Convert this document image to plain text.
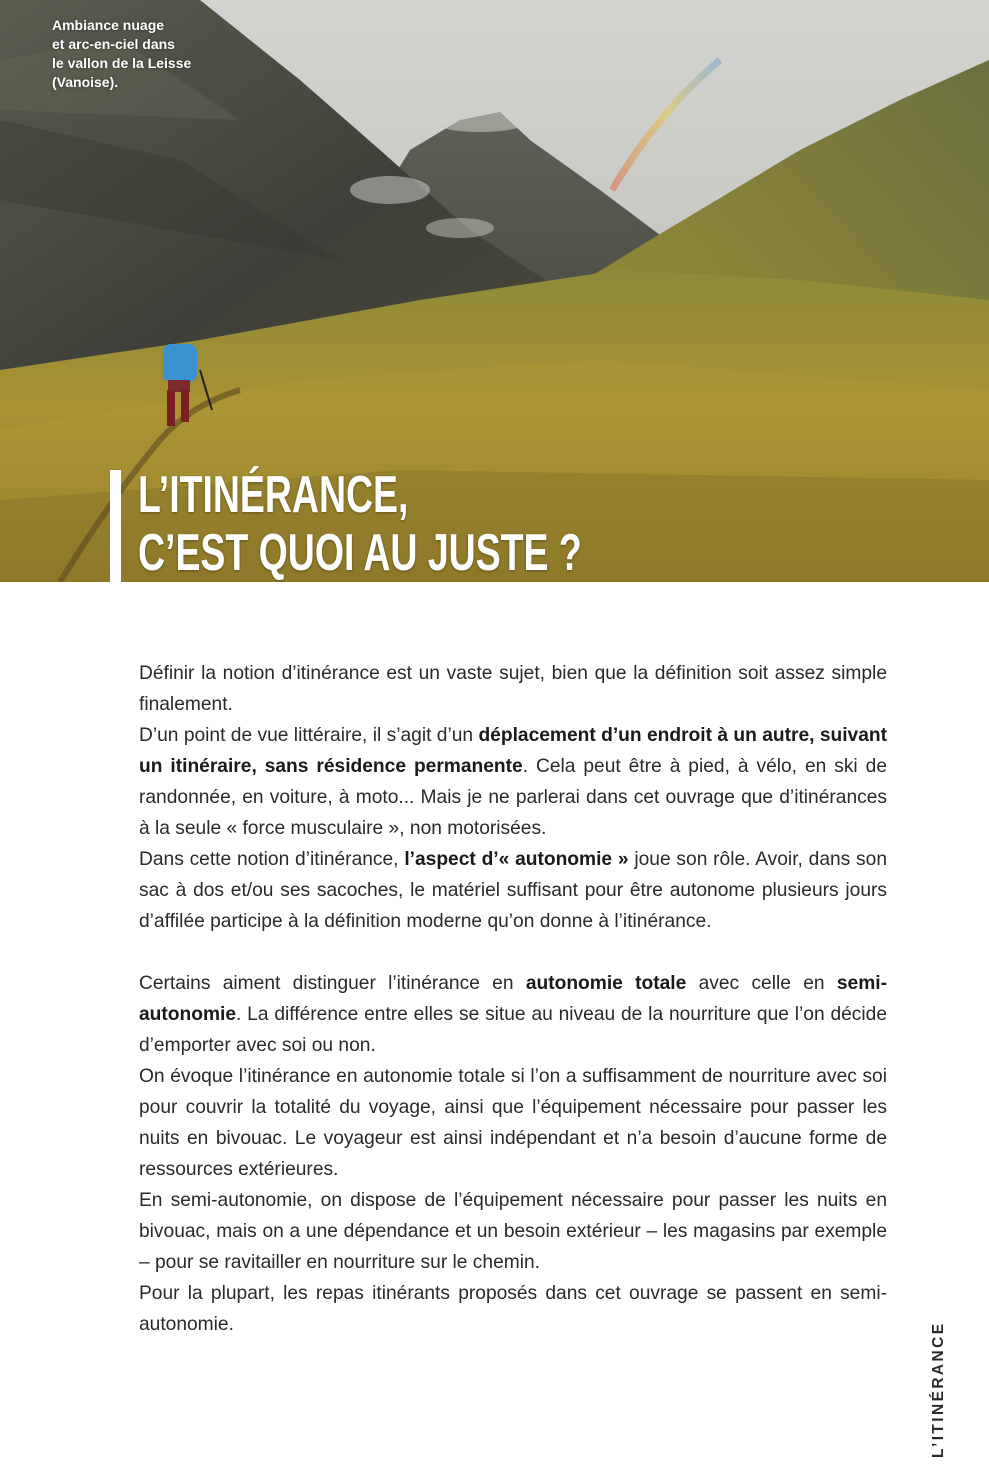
Ambiance nuage
et arc-en-ciel dans
le vallon de la Leisse
(Vanoise).
L’ITINÉRANCE,
C’EST QUOI AU JUSTE ?

Définir la notion d’itinérance est un vaste sujet, bien que la définition soit assez simple finalement.

D’un point de vue littéraire, il s’agit d’un déplacement d’un endroit à un autre, suivant un itinéraire, sans résidence permanente. Cela peut être à pied, à vélo, en ski de randonnée, en voiture, à moto... Mais je ne parlerai dans cet ouvrage que d’itinérances à la seule « force musculaire », non motorisées.

Dans cette notion d’itinérance, l’aspect d’« autonomie » joue son rôle. Avoir, dans son sac à dos et/ou ses sacoches, le matériel suffisant pour être autonome plusieurs jours d’affilée participe à la définition moderne qu’on donne à l’itinérance.

Certains aiment distinguer l’itinérance en autonomie totale avec celle en semi-autonomie. La différence entre elles se situe au niveau de la nourriture que l’on décide d’emporter avec soi ou non.

On évoque l’itinérance en autonomie totale si l’on a suffisamment de nourriture avec soi pour couvrir la totalité du voyage, ainsi que l’équipement nécessaire pour passer les nuits en bivouac. Le voyageur est ainsi indépendant et n’a besoin d’aucune forme de ressources extérieures.

En semi-autonomie, on dispose de l’équipement nécessaire pour passer les nuits en bivouac, mais on a une dépendance et un besoin extérieur – les magasins par exemple – pour se ravitailler en nourriture sur le chemin.

Pour la plupart, les repas itinérants proposés dans cet ouvrage se passent en semi-autonomie.	L’ITINÉRANCE
